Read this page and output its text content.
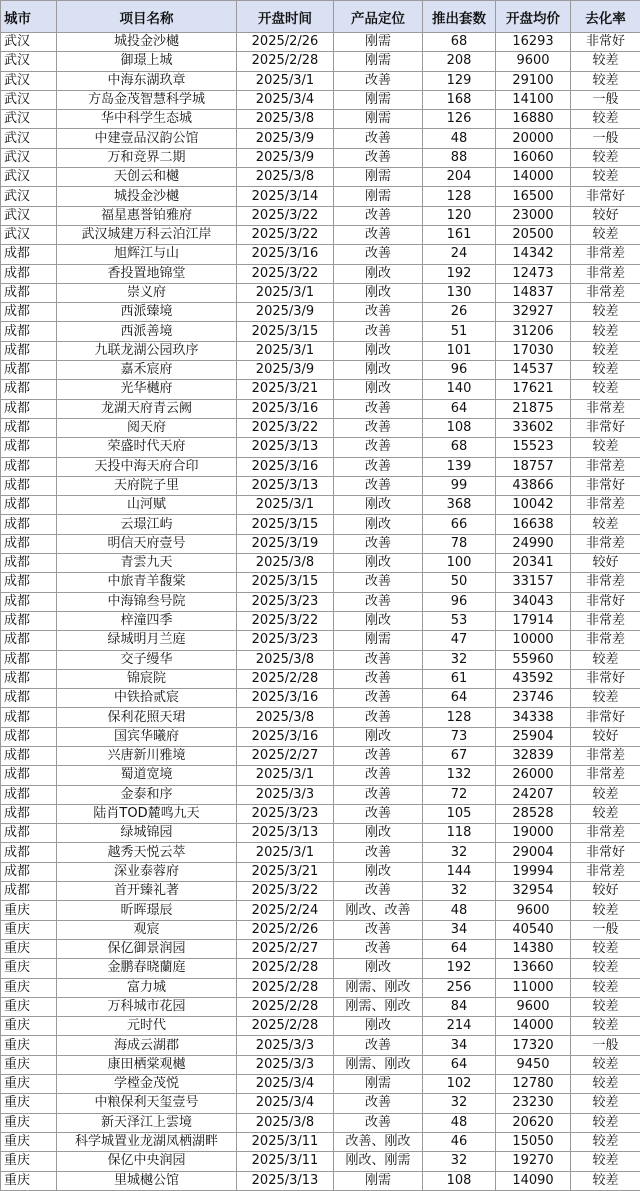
城市	项目名称	开盘时间	产品定位	推出套数	开盘均价	去化率
武汉	城投金沙樾	2025/2/26	刚需	68	16293	非常好
武汉	御璟上城	2025/2/28	刚需	208	9600	较差
武汉	中海东湖玖章	2025/3/1	改善	129	29100	较差
武汉	方岛金茂智慧科学城	2025/3/4	刚需	168	14100	一般
武汉	华中科学生态城	2025/3/8	刚需	126	16880	较差
武汉	中建壹品汉韵公馆	2025/3/9	改善	48	20000	一般
武汉	万和竞界二期	2025/3/9	改善	88	16060	较差
武汉	天创云和樾	2025/3/8	刚需	204	14000	较差
武汉	城投金沙樾	2025/3/14	刚需	128	16500	非常好
武汉	福星惠誉铂雅府	2025/3/22	改善	120	23000	较好
武汉	武汉城建万科云泊江岸	2025/3/22	改善	161	20500	较差
成都	旭辉江与山	2025/3/16	改善	24	14342	非常差
成都	香投置地锦堂	2025/3/22	刚改	192	12473	非常差
成都	崇义府	2025/3/1	刚改	130	14837	非常差
成都	西派臻境	2025/3/9	改善	26	32927	较差
成都	西派善境	2025/3/15	改善	51	31206	较差
成都	九联龙湖公园玖序	2025/3/1	刚改	101	17030	较差
成都	嘉禾宸府	2025/3/9	刚改	96	14537	较差
成都	光华樾府	2025/3/21	刚改	140	17621	较差
成都	龙湖天府青云阙	2025/3/16	改善	64	21875	非常差
成都	阅天府	2025/3/22	改善	108	33602	非常好
成都	荣盛时代天府	2025/3/13	改善	68	15523	较差
成都	天投中海天府合印	2025/3/16	改善	139	18757	非常差
成都	天府院子里	2025/3/13	改善	99	43866	非常好
成都	山河赋	2025/3/1	刚改	368	10042	非常差
成都	云璟江屿	2025/3/15	刚改	66	16638	较差
成都	明信天府壹号	2025/3/19	改善	78	24990	非常差
成都	青雲九天	2025/3/8	刚改	100	20341	较好
成都	中旅青羊馥棠	2025/3/15	改善	50	33157	非常差
成都	中海锦叁号院	2025/3/23	改善	96	34043	非常好
成都	梓潼四季	2025/3/22	刚改	53	17914	非常差
成都	绿城明月兰庭	2025/3/23	刚需	47	10000	非常差
成都	交子缦华	2025/3/8	改善	32	55960	较差
成都	锦宸院	2025/2/28	改善	61	43592	非常好
成都	中铁拾贰宸	2025/3/16	改善	64	23746	较差
成都	保利花照天珺	2025/3/8	改善	128	34338	非常好
成都	国宾华曦府	2025/3/16	刚改	73	25904	较好
成都	兴唐新川雅境	2025/2/27	改善	67	32839	非常差
成都	蜀道宽境	2025/3/1	改善	132	26000	非常差
成都	金泰和序	2025/3/3	改善	72	24207	较差
成都	陆肖TOD麓鸣九天	2025/3/23	改善	105	28528	较差
成都	绿城锦园	2025/3/13	刚改	118	19000	非常差
成都	越秀天悦云萃	2025/3/1	改善	32	29004	非常好
成都	深业泰蓉府	2025/3/21	刚改	144	19994	非常差
成都	首开臻礼著	2025/3/22	改善	32	32954	较好
重庆	昕晖璟辰	2025/2/24	刚改、改善	48	9600	较差
重庆	观宸	2025/2/26	改善	34	40540	一般
重庆	保亿御景润园	2025/2/27	改善	64	14380	较差
重庆	金鹏春晓蘭庭	2025/2/28	刚改	192	13660	较差
重庆	富力城	2025/2/28	刚需、刚改	256	11000	较差
重庆	万科城市花园	2025/2/28	刚需、刚改	84	9600	较差
重庆	元时代	2025/2/28	刚改	214	14000	较差
重庆	海成云湖郡	2025/3/3	改善	34	17320	一般
重庆	康田栖棠观樾	2025/3/3	刚需、刚改	64	9450	较差
重庆	学樘金茂悦	2025/3/4	刚需	102	12780	较差
重庆	中粮保利天玺壹号	2025/3/4	改善	32	23230	较差
重庆	新天泽江上雲境	2025/3/8	改善	48	20620	较差
重庆	科学城置业龙湖凤栖湖畔	2025/3/11	改善、刚改	46	15050	较差
重庆	保亿中央润园	2025/3/11	刚改、刚需	32	19270	较差
重庆	里城樾公馆	2025/3/13	刚需	108	14090	较差
